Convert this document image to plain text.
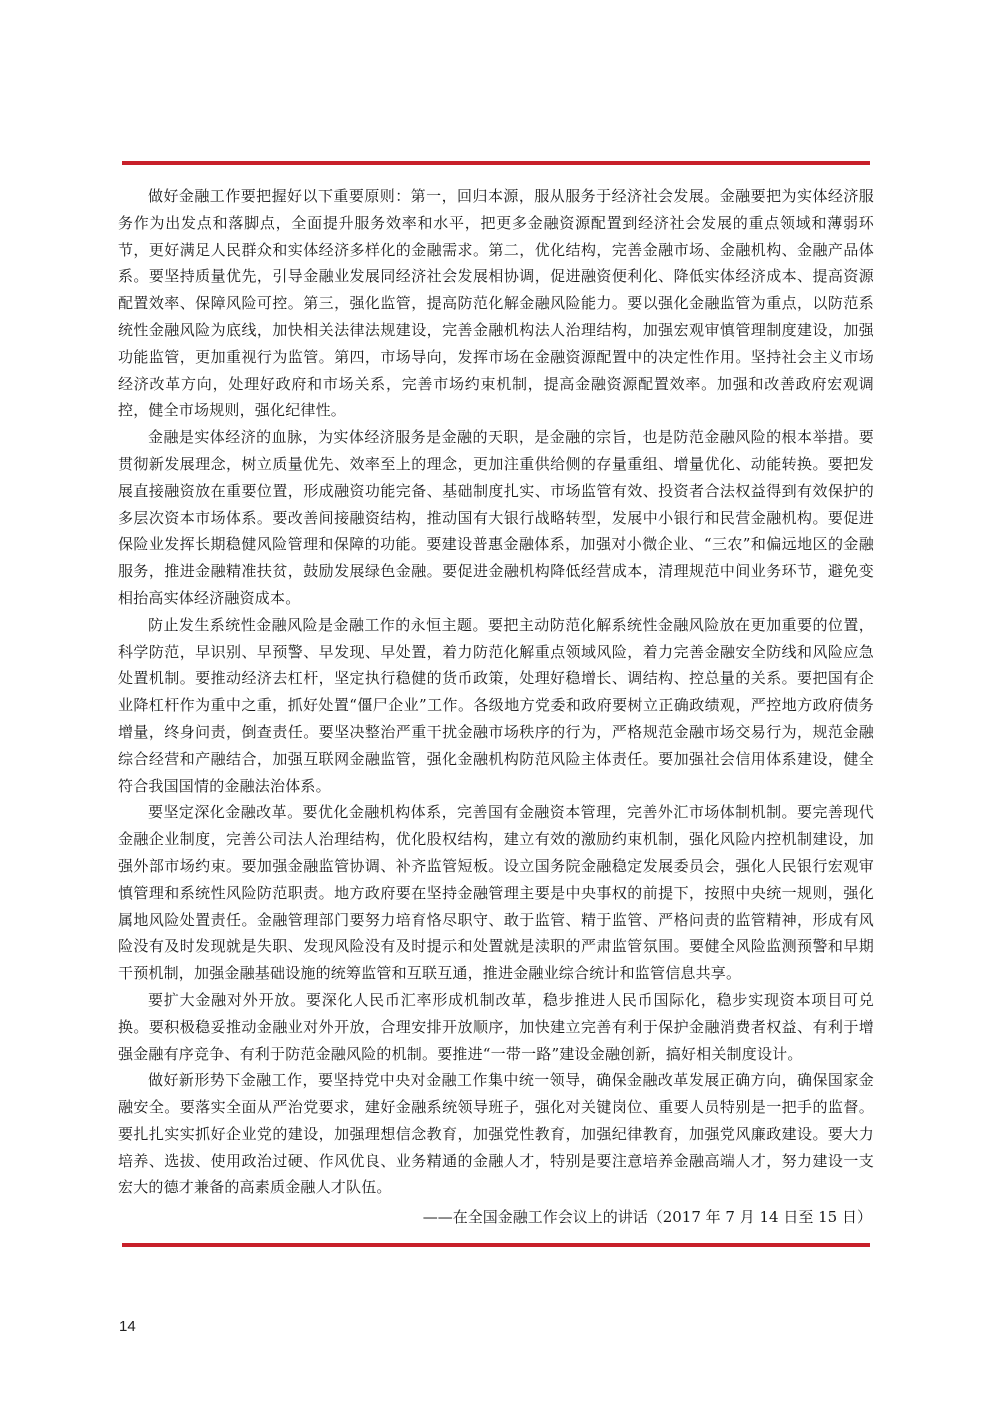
做好金融工作要把握好以下重要原则：第一，回归本源，服从服务于经济社会发展。金融要把为实体经济服务作为出发点和落脚点，全面提升服务效率和水平，把更多金融资源配置到经济社会发展的重点领域和薄弱环节，更好满足人民群众和实体经济多样化的金融需求。第二，优化结构，完善金融市场、金融机构、金融产品体系。要坚持质量优先，引导金融业发展同经济社会发展相协调，促进融资便利化、降低实体经济成本、提高资源配置效率、保障风险可控。第三，强化监管，提高防范化解金融风险能力。要以强化金融监管为重点，以防范系统性金融风险为底线，加快相关法律法规建设，完善金融机构法人治理结构，加强宏观审慎管理制度建设，加强功能监管，更加重视行为监管。第四，市场导向，发挥市场在金融资源配置中的决定性作用。坚持社会主义市场经济改革方向，处理好政府和市场关系，完善市场约束机制，提高金融资源配置效率。加强和改善政府宏观调控，健全市场规则，强化纪律性。

金融是实体经济的血脉，为实体经济服务是金融的天职，是金融的宗旨，也是防范金融风险的根本举措。要贯彻新发展理念，树立质量优先、效率至上的理念，更加注重供给侧的存量重组、增量优化、动能转换。要把发展直接融资放在重要位置，形成融资功能完备、基础制度扎实、市场监管有效、投资者合法权益得到有效保护的多层次资本市场体系。要改善间接融资结构，推动国有大银行战略转型，发展中小银行和民营金融机构。要促进保险业发挥长期稳健风险管理和保障的功能。要建设普惠金融体系，加强对小微企业、“三农”和偏远地区的金融服务，推进金融精准扶贫，鼓励发展绿色金融。要促进金融机构降低经营成本，清理规范中间业务环节，避免变相抬高实体经济融资成本。

防止发生系统性金融风险是金融工作的永恒主题。要把主动防范化解系统性金融风险放在更加重要的位置，科学防范，早识别、早预警、早发现、早处置，着力防范化解重点领域风险，着力完善金融安全防线和风险应急处置机制。要推动经济去杠杆，坚定执行稳健的货币政策，处理好稳增长、调结构、控总量的关系。要把国有企业降杠杆作为重中之重，抓好处置“僵尸企业”工作。各级地方党委和政府要树立正确政绩观，严控地方政府债务增量，终身问责，倒查责任。要坚决整治严重干扰金融市场秩序的行为，严格规范金融市场交易行为，规范金融综合经营和产融结合，加强互联网金融监管，强化金融机构防范风险主体责任。要加强社会信用体系建设，健全符合我国国情的金融法治体系。

要坚定深化金融改革。要优化金融机构体系，完善国有金融资本管理，完善外汇市场体制机制。要完善现代金融企业制度，完善公司法人治理结构，优化股权结构，建立有效的激励约束机制，强化风险内控机制建设，加强外部市场约束。要加强金融监管协调、补齐监管短板。设立国务院金融稳定发展委员会，强化人民银行宏观审慎管理和系统性风险防范职责。地方政府要在坚持金融管理主要是中央事权的前提下，按照中央统一规则，强化属地风险处置责任。金融管理部门要努力培育恪尽职守、敢于监管、精于监管、严格问责的监管精神，形成有风险没有及时发现就是失职、发现风险没有及时提示和处置就是渎职的严肃监管氛围。要健全风险监测预警和早期干预机制，加强金融基础设施的统筹监管和互联互通，推进金融业综合统计和监管信息共享。

要扩大金融对外开放。要深化人民币汇率形成机制改革，稳步推进人民币国际化，稳步实现资本项目可兑换。要积极稳妥推动金融业对外开放，合理安排开放顺序，加快建立完善有利于保护金融消费者权益、有利于增强金融有序竞争、有利于防范金融风险的机制。要推进“一带一路”建设金融创新，搞好相关制度设计。

做好新形势下金融工作，要坚持党中央对金融工作集中统一领导，确保金融改革发展正确方向，确保国家金融安全。要落实全面从严治党要求，建好金融系统领导班子，强化对关键岗位、重要人员特别是一把手的监督。要扎扎实实抓好企业党的建设，加强理想信念教育，加强党性教育，加强纪律教育，加强党风廉政建设。要大力培养、选拔、使用政治过硬、作风优良、业务精通的金融人才，特别是要注意培养金融高端人才，努力建设一支宏大的德才兼备的高素质金融人才队伍。

——在全国金融工作会议上的讲话（2017 年 7 月 14 日至 15 日）

14
